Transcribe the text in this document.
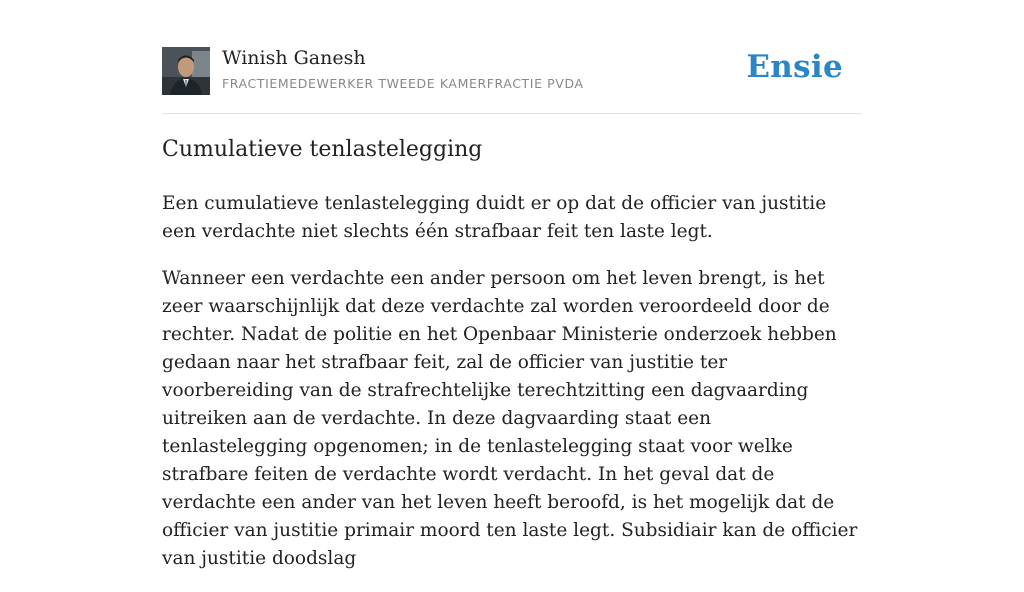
Winish Ganesh
FRACTIEMEDEWERKER TWEEDE KAMERFRACTIE PVDA	Ensie
Cumulatieve tenlastelegging

Een cumulatieve tenlastelegging duidt er op dat de officier van justitie een verdachte niet slechts één strafbaar feit ten laste legt.

Wanneer een verdachte een ander persoon om het leven brengt, is het zeer waarschijnlijk dat deze verdachte zal worden veroordeeld door de rechter. Nadat de politie en het Openbaar Ministerie onderzoek hebben gedaan naar het strafbaar feit, zal de officier van justitie ter voorbereiding van de strafrechtelijke terechtzitting een dagvaarding uitreiken aan de verdachte. In deze dagvaarding staat een tenlastelegging opgenomen; in de tenlastelegging staat voor welke strafbare feiten de verdachte wordt verdacht. In het geval dat de verdachte een ander van het leven heeft beroofd, is het mogelijk dat de officier van justitie primair moord ten laste legt. Subsidiair kan de officier van justitie doodslag
